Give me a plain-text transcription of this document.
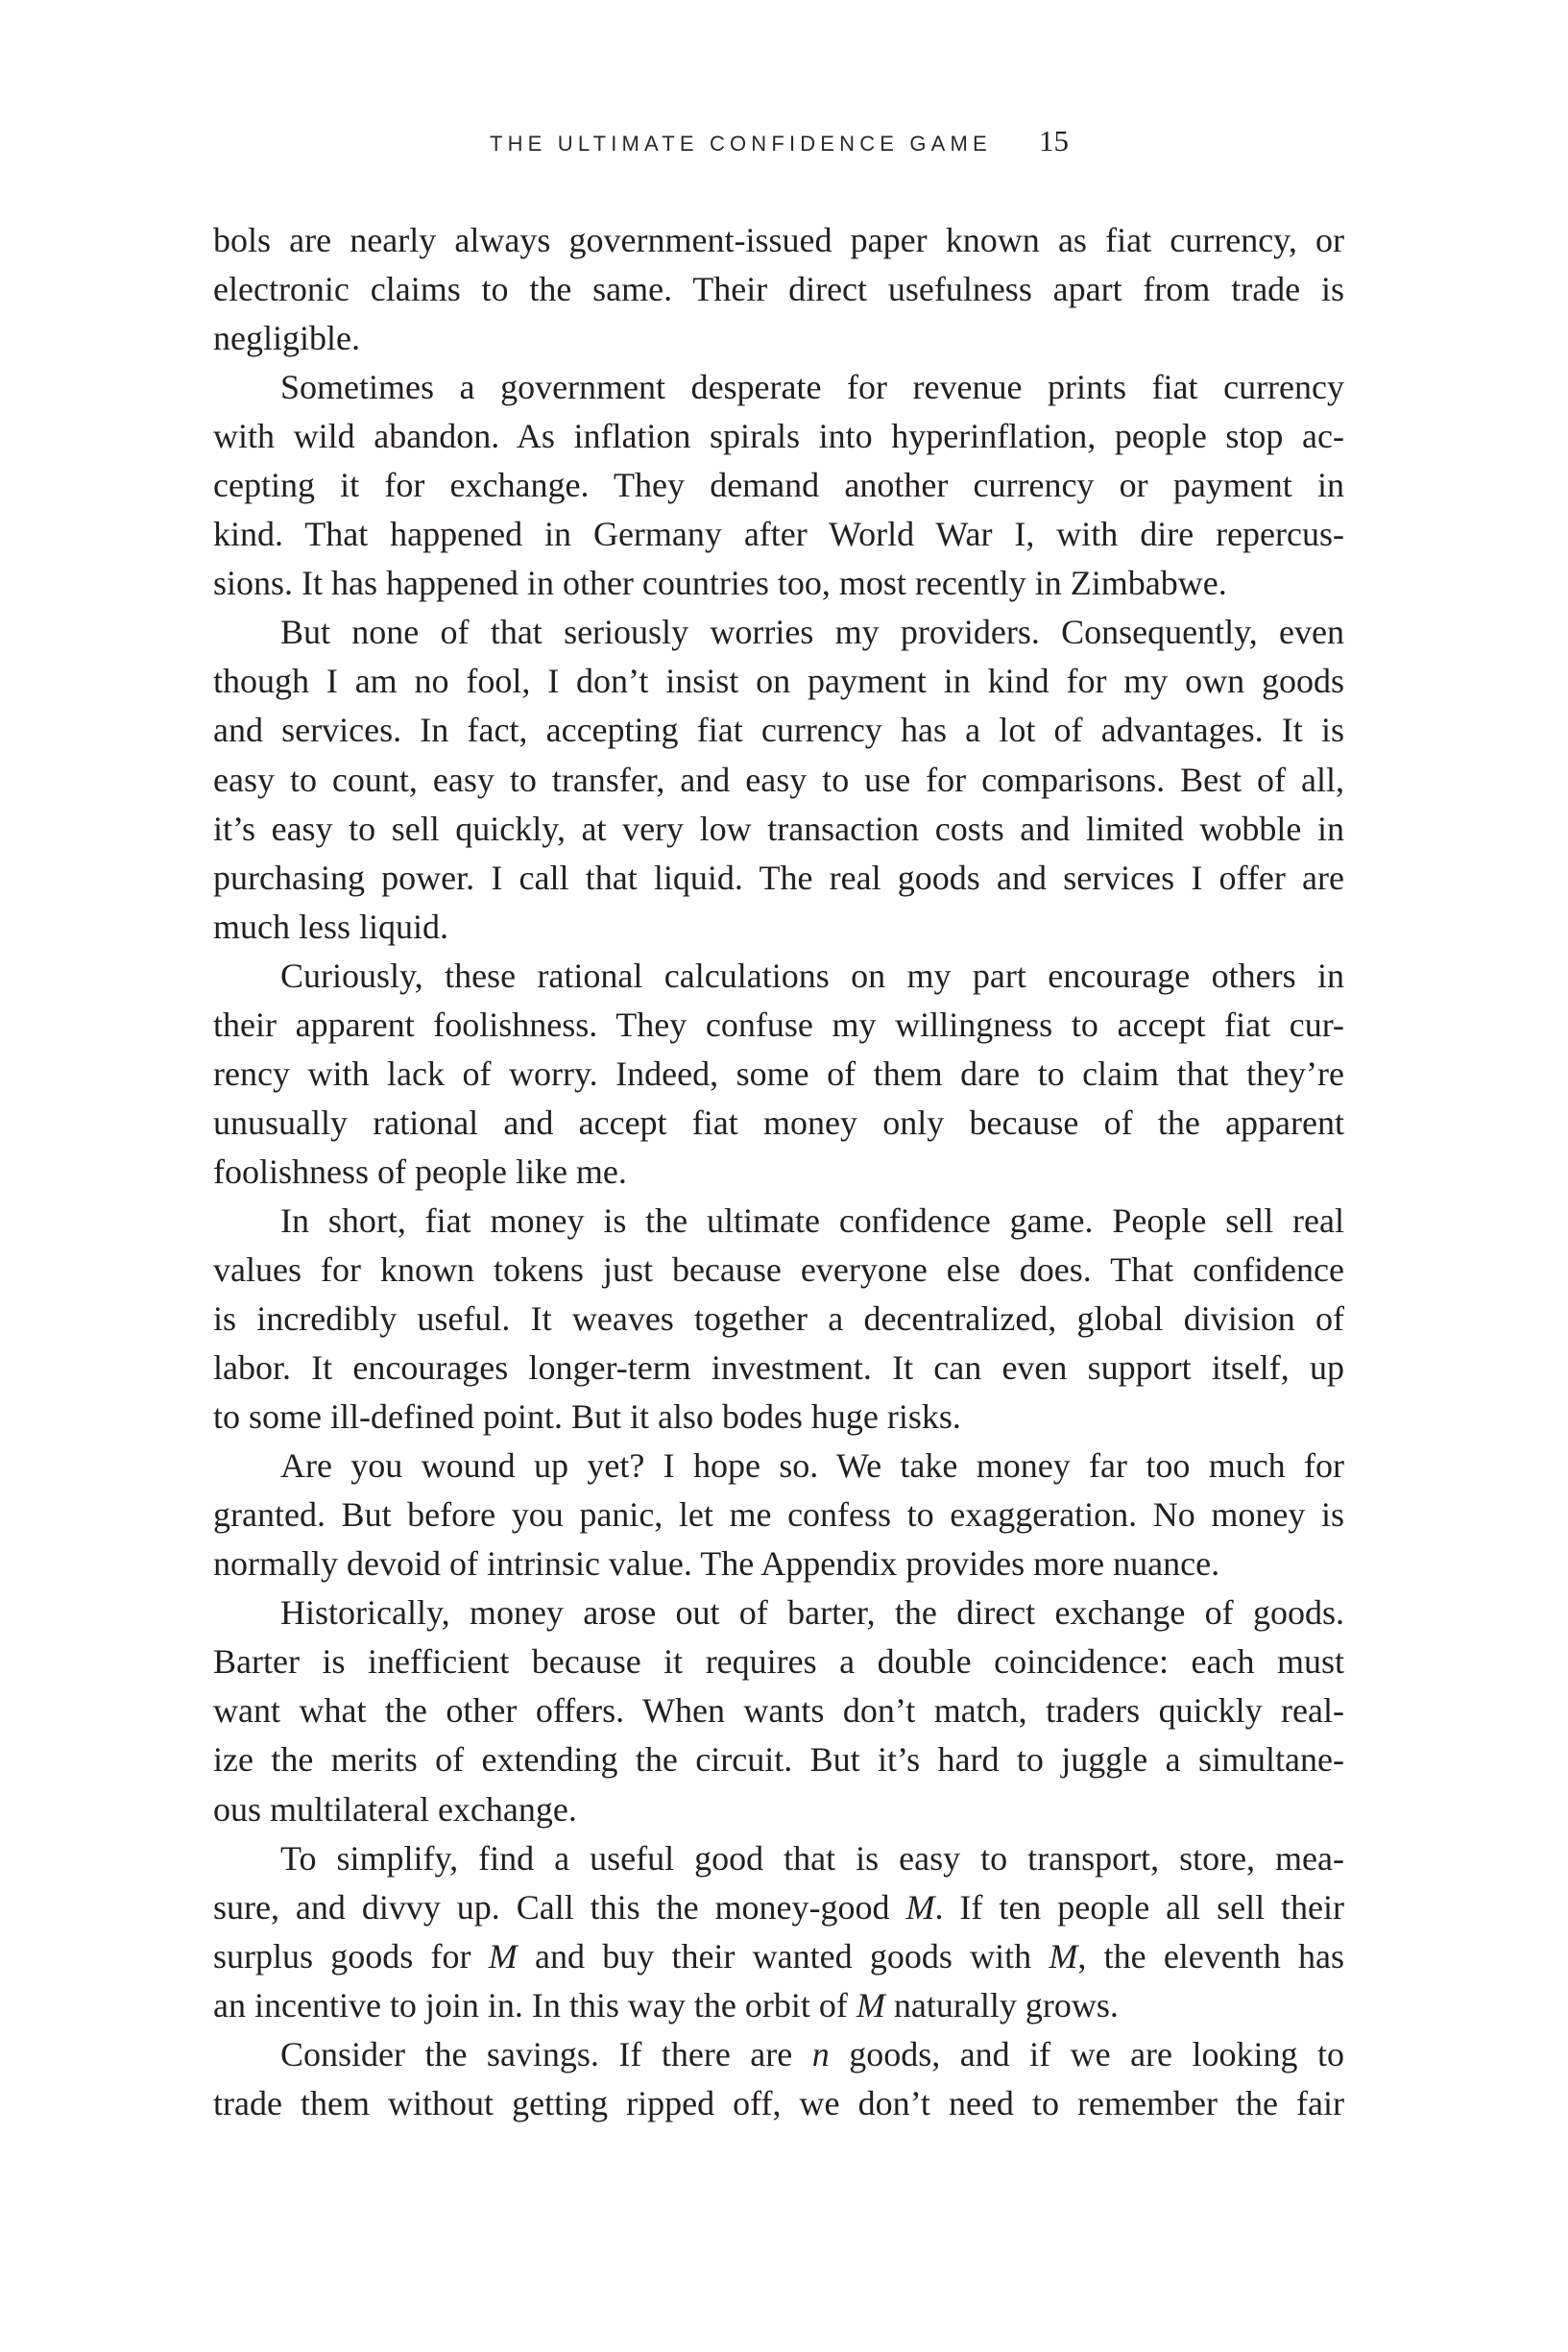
THE ULTIMATE CONFIDENCE GAME 15
bols are nearly always government-issued paper known as fiat currency, or
electronic claims to the same. Their direct usefulness apart from trade is
negligible.
Sometimes a government desperate for revenue prints fiat currency
with wild abandon. As inflation spirals into hyperinflation, people stop ac-
cepting it for exchange. They demand another currency or payment in
kind. That happened in Germany after World War I, with dire repercus-
sions. It has happened in other countries too, most recently in Zimbabwe.
But none of that seriously worries my providers. Consequently, even
though I am no fool, I don’t insist on payment in kind for my own goods
and services. In fact, accepting fiat currency has a lot of advantages. It is
easy to count, easy to transfer, and easy to use for comparisons. Best of all,
it’s easy to sell quickly, at very low transaction costs and limited wobble in
purchasing power. I call that liquid. The real goods and services I offer are
much less liquid.
Curiously, these rational calculations on my part encourage others in
their apparent foolishness. They confuse my willingness to accept fiat cur-
rency with lack of worry. Indeed, some of them dare to claim that they’re
unusually rational and accept fiat money only because of the apparent
foolishness of people like me.
In short, fiat money is the ultimate confidence game. People sell real
values for known tokens just because everyone else does. That confidence
is incredibly useful. It weaves together a decentralized, global division of
labor. It encourages longer-term investment. It can even support itself, up
to some ill-defined point. But it also bodes huge risks.
Are you wound up yet? I hope so. We take money far too much for
granted. But before you panic, let me confess to exaggeration. No money is
normally devoid of intrinsic value. The Appendix provides more nuance.
Historically, money arose out of barter, the direct exchange of goods.
Barter is inefficient because it requires a double coincidence: each must
want what the other offers. When wants don’t match, traders quickly real-
ize the merits of extending the circuit. But it’s hard to juggle a simultane-
ous multilateral exchange.
To simplify, find a useful good that is easy to transport, store, mea-
sure, and divvy up. Call this the money-good M. If ten people all sell their
surplus goods for M and buy their wanted goods with M, the eleventh has
an incentive to join in. In this way the orbit of M naturally grows.
Consider the savings. If there are n goods, and if we are looking to
trade them without getting ripped off, we don’t need to remember the fair
